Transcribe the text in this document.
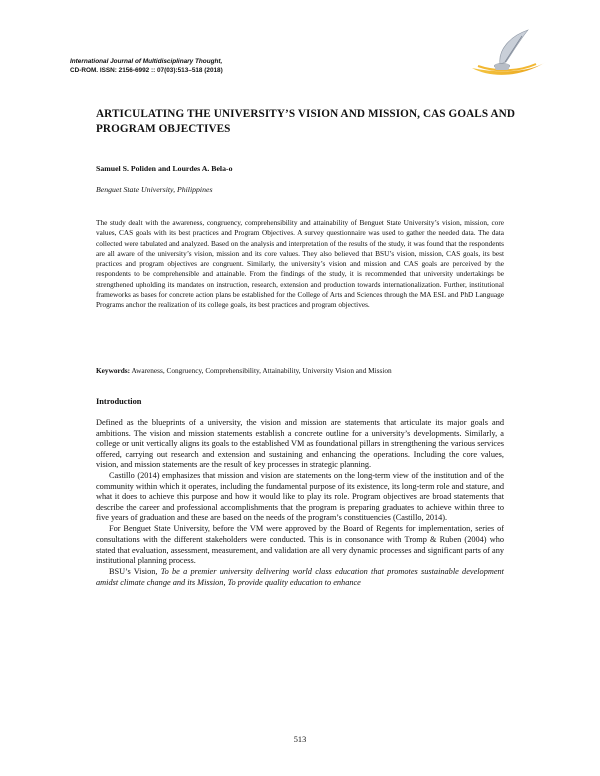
International Journal of Multidisciplinary Thought,
CD-ROM. ISSN: 2156-6992 :: 07(03):513–518 (2018)
ARTICULATING THE UNIVERSITY’S VISION AND MISSION, CAS GOALS AND PROGRAM OBJECTIVES
Samuel S. Poliden and Lourdes A. Bela-o
Benguet State University, Philippines

The study dealt with the awareness, congruency, comprehensibility and attainability of Benguet State University’s vision, mission, core values, CAS goals with its best practices and Program Objectives. A survey questionnaire was used to gather the needed data. The data collected were tabulated and analyzed. Based on the analysis and interpretation of the results of the study, it was found that the respondents are all aware of the university’s vision, mission and its core values. They also believed that BSU’s vision, mission, CAS goals, its best practices and program objectives are congruent. Similarly, the university’s vision and mission and CAS goals are perceived by the respondents to be comprehensible and attainable. From the findings of the study, it is recommended that university undertakings be strengthened upholding its mandates on instruction, research, extension and production towards internationalization. Further, institutional frameworks as bases for concrete action plans be established for the College of Arts and Sciences through the MA ESL and PhD Language Programs anchor the realization of its college goals, its best practices and program objectives.

Keywords: Awareness, Congruency, Comprehensibility, Attainability, University Vision and Mission

Introduction

Defined as the blueprints of a university, the vision and mission are statements that articulate its major goals and ambitions. The vision and mission statements establish a concrete outline for a university’s developments. Similarly, a college or unit vertically aligns its goals to the established VM as foundational pillars in strengthening the various services offered, carrying out research and extension and sustaining and enhancing the operations. Including the core values, vision, and mission statements are the result of key processes in strategic planning.

Castillo (2014) emphasizes that mission and vision are statements on the long-term view of the institution and of the community within which it operates, including the fundamental purpose of its existence, its long-term role and stature, and what it does to achieve this purpose and how it would like to play its role. Program objectives are broad statements that describe the career and professional accomplishments that the program is preparing graduates to achieve within three to five years of graduation and these are based on the needs of the program’s constituencies (Castillo, 2014).

For Benguet State University, before the VM were approved by the Board of Regents for implementation, series of consultations with the different stakeholders were conducted. This is in consonance with Tromp & Ruben (2004) who stated that evaluation, assessment, measurement, and validation are all very dynamic processes and significant parts of any institutional planning process.

BSU’s Vision, To be a premier university delivering world class education that promotes sustainable development amidst climate change and its Mission, To provide quality education to enhance

513
